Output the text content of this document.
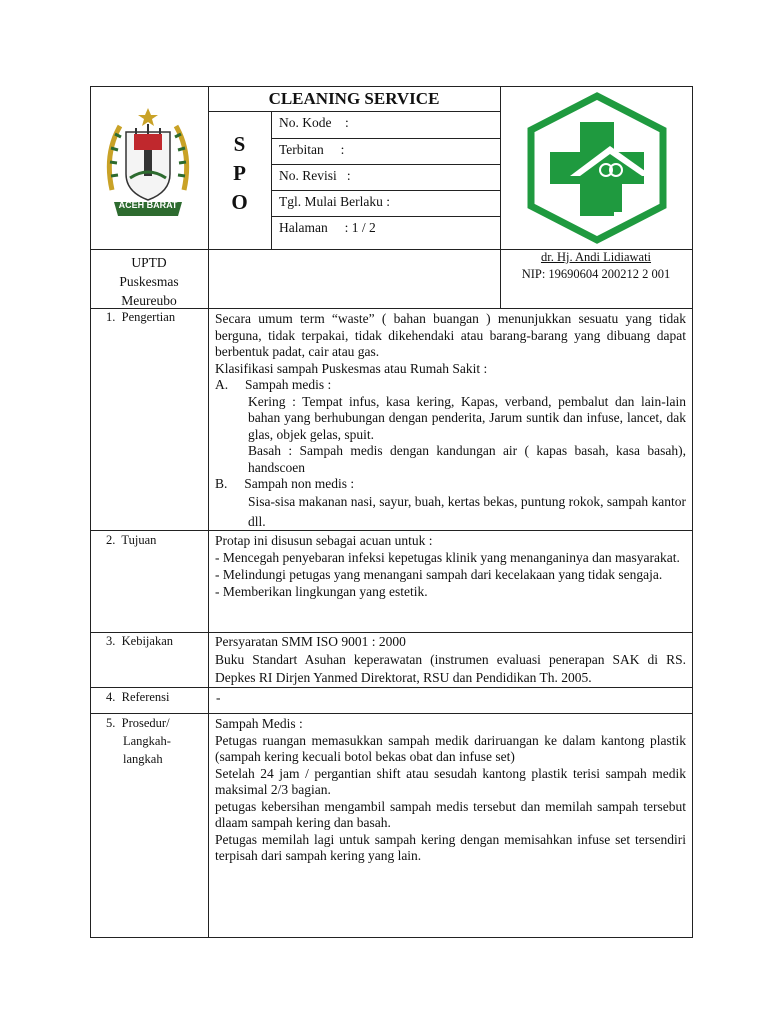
ACEH BARAT
CLEANING SERVICE
S
P
O
No. Kode    :
Terbitan     :
No. Revisi   :
Tgl. Mulai Berlaku :
Halaman     : 1 / 2
UPTD
Puskesmas
Meureubo
dr. Hj. Andi Lidiawati
NIP: 19690604 200212 2 001
1.  Pengertian
2.  Tujuan
3.  Kebijakan
4.  Referensi
5.  Prosedur/
Langkah-
langkah

Secara umum term “waste” ( bahan buangan ) menunjukkan sesuatu yang tidak berguna, tidak terpakai, tidak dikehendaki atau barang-barang yang dibuang dapat berbentuk padat, cair atau gas.

Klasifikasi sampah Puskesmas atau Rumah Sakit :

A.     Sampah medis :

Kering : Tempat infus, kasa kering, Kapas, verband, pembalut dan lain-lain bahan yang berhubungan dengan penderita, Jarum suntik dan infuse, lancet, dak glas, objek gelas, spuit.

Basah : Sampah medis dengan kandungan air ( kapas basah, kasa basah), handscoen

B.     Sampah non medis :

Sisa-sisa makanan nasi, sayur, buah, kertas bekas, puntung rokok, sampah kantor dll.

Protap ini disusun sebagai acuan untuk :

- Mencegah penyebaran infeksi kepetugas klinik yang menanganinya dan masyarakat.

- Melindungi petugas yang menangani sampah dari kecelakaan yang tidak sengaja.

- Memberikan lingkungan yang estetik.

Persyaratan SMM ISO 9001 : 2000

Buku Standart Asuhan keperawatan (instrumen evaluasi penerapan SAK di RS. Depkes RI Dirjen Yanmed Direktorat, RSU dan Pendidikan Th. 2005.

-

Sampah Medis :

Petugas ruangan memasukkan sampah medik dariruangan ke dalam kantong plastik (sampah kering kecuali botol bekas obat dan infuse set)

Setelah 24 jam / pergantian shift atau sesudah kantong plastik terisi sampah medik maksimal 2/3 bagian.

petugas kebersihan mengambil sampah medis tersebut dan memilah sampah tersebut dlaam sampah kering dan basah.

Petugas memilah lagi untuk sampah kering dengan memisahkan infuse set tersendiri terpisah dari sampah kering yang lain.
